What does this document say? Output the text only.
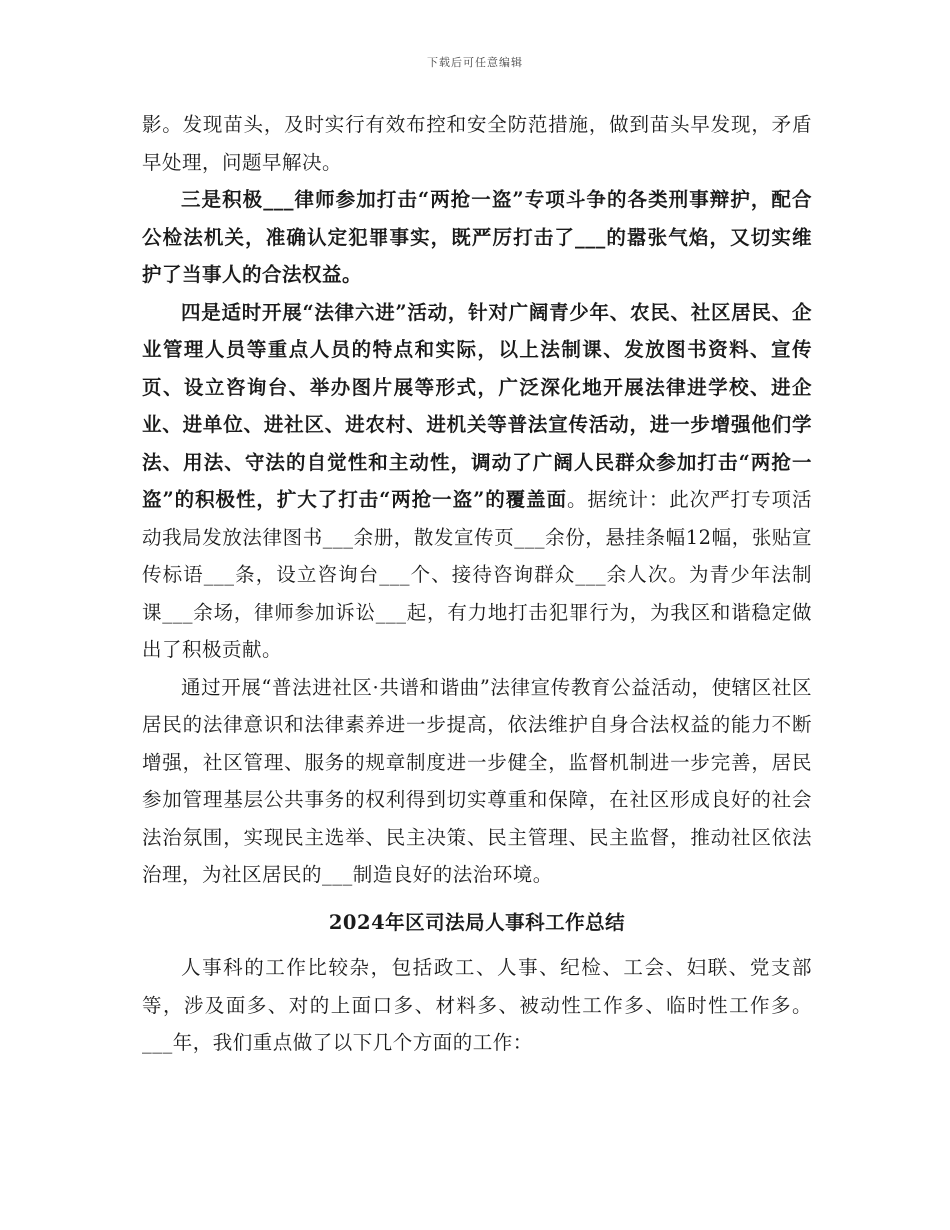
下载后可任意编辑

影。发现苗头，及时实行有效布控和安全防范措施，做到苗头早发现，矛盾早处理，问题早解决。

三是积极___律师参加打击“两抢一盗”专项斗争的各类刑事辩护，配合公检法机关，准确认定犯罪事实，既严厉打击了___的嚣张气焰，又切实维护了当事人的合法权益。

四是适时开展“法律六进”活动，针对广阔青少年、农民、社区居民、企业管理人员等重点人员的特点和实际，以上法制课、发放图书资料、宣传页、设立咨询台、举办图片展等形式，广泛深化地开展法律进学校、进企业、进单位、进社区、进农村、进机关等普法宣传活动，进一步增强他们学法、用法、守法的自觉性和主动性，调动了广阔人民群众参加打击“两抢一盗”的积极性，扩大了打击“两抢一盗”的覆盖面。据统计：此次严打专项活动我局发放法律图书___余册，散发宣传页___余份，悬挂条幅12幅，张贴宣传标语___条，设立咨询台___个、接待咨询群众___余人次。为青少年法制课___余场，律师参加诉讼___起，有力地打击犯罪行为，为我区和谐稳定做出了积极贡献。

通过开展“普法进社区·共谱和谐曲”法律宣传教育公益活动，使辖区社区居民的法律意识和法律素养进一步提高，依法维护自身合法权益的能力不断增强，社区管理、服务的规章制度进一步健全，监督机制进一步完善，居民参加管理基层公共事务的权利得到切实尊重和保障，在社区形成良好的社会法治氛围，实现民主选举、民主决策、民主管理、民主监督，推动社区依法治理，为社区居民的___制造良好的法治环境。

2024年区司法局人事科工作总结

人事科的工作比较杂，包括政工、人事、纪检、工会、妇联、党支部等，涉及面多、对的上面口多、材料多、被动性工作多、临时性工作多。___年，我们重点做了以下几个方面的工作：
